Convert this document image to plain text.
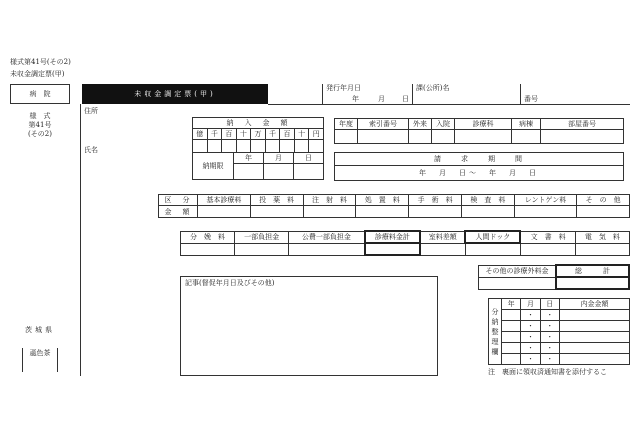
様式第41号(その2)
未収金調定票(甲)
病　院
様　式
第41号
(その2)
茨城県
颪色茶
未収金調定票(甲)
発行年月日
年	月 日
課(公所)名
番号
住所
氏名
納　入　金　額								
億	千	百	十	万	千	百	十	円

納期限	年	月	日

年度	索引番号	外来	入院	診療科	病棟	部屋番号

請　　求　　期　　間
年　月　日〜　年　月　日
区　分	基本診療料	投　薬　料	注　射　料	処　置　料	手　術　料	検　査　料	レントゲン料	そ　の　他
金　額								
分　娩　料	一部負担金	公費一部負担金	診療料金計	室料差額	人間ドック	文　書　料	電　気　料

その他の診療外料金	総　　　計

記事(督促年月日及びその他)
分
納
整
理
欄	年	月	日	内金金額
		・	・	
		・	・	
		・	・	
		・	・	
		・	・	
注　裏面に領収済通知書を添付するこ
